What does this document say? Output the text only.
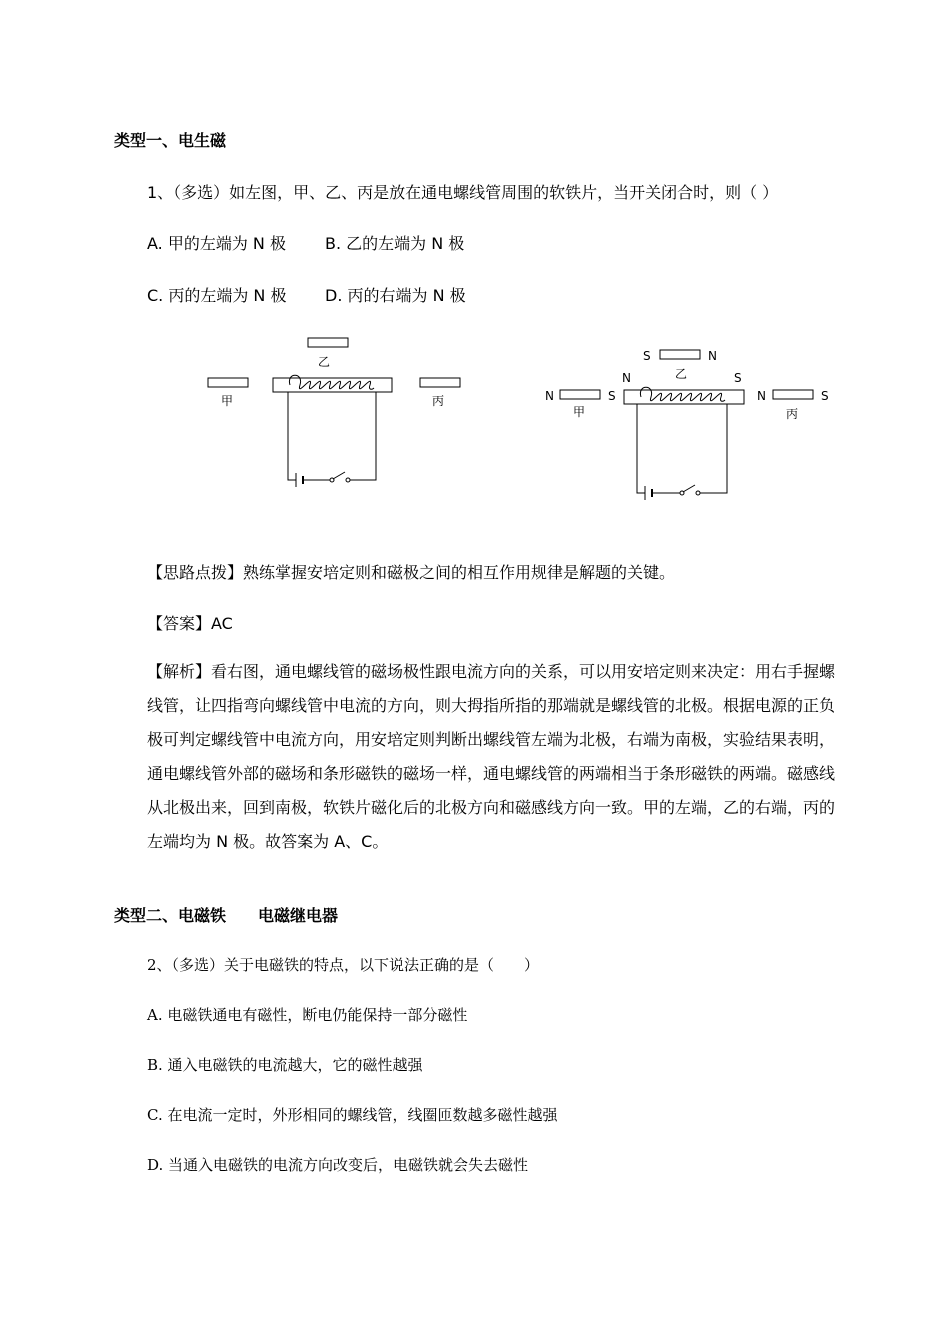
类型一、电生磁
1、（多选）如左图，甲、乙、丙是放在通电螺线管周围的软铁片，当开关闭合时，则（ ）
A. 甲的左端为 N 极 B. 乙的左端为 N 极
C. 丙的左端为 N 极 D. 丙的右端为 N 极
乙
甲	丙
S	N
乙
N	S
N	S
甲
N	S
丙
【思路点拨】熟练掌握安培定则和磁极之间的相互作用规律是解题的关键。
【答案】AC
【解析】看右图，通电螺线管的磁场极性跟电流方向的关系，可以用安培定则来决定：用右手握螺线管，让四指弯向螺线管中电流的方向，则大拇指所指的那端就是螺线管的北极。根据电源的正负极可判定螺线管中电流方向，用安培定则判断出螺线管左端为北极，右端为南极，实验结果表明，通电螺线管外部的磁场和条形磁铁的磁场一样，通电螺线管的两端相当于条形磁铁的两端。磁感线从北极出来，回到南极，软铁片磁化后的北极方向和磁感线方向一致。甲的左端，乙的右端，丙的左端均为 N 极。故答案为 A、C。
类型二、电磁铁　　电磁继电器
2、（多选）关于电磁铁的特点，以下说法正确的是（　　）
A. 电磁铁通电有磁性，断电仍能保持一部分磁性
B. 通入电磁铁的电流越大，它的磁性越强
C. 在电流一定时，外形相同的螺线管，线圈匝数越多磁性越强
D. 当通入电磁铁的电流方向改变后，电磁铁就会失去磁性
